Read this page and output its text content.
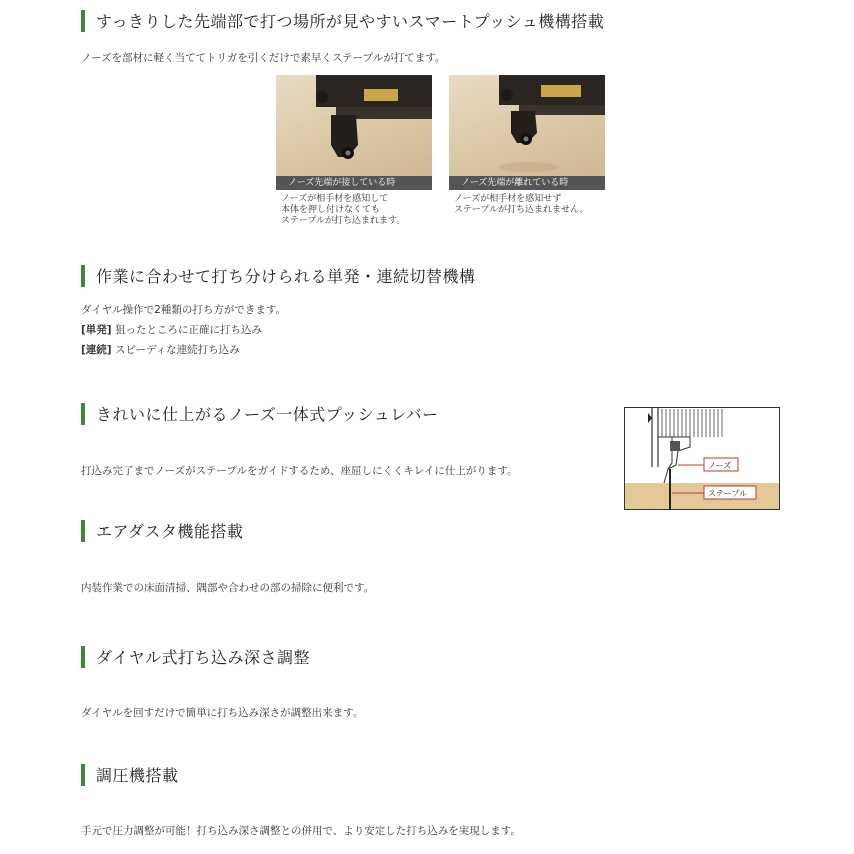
すっきりした先端部で打つ場所が見やすいスマートプッシュ機構搭載
ノーズを部材に軽く当ててトリガを引くだけで素早くステープルが打てます。
ノーズ先端が接している時
ノーズが相手材を感知して
本体を押し付けなくても
ステープルが打ち込まれます。
ノーズ先端が離れている時
ノーズが相手材を感知せず
ステープルが打ち込まれません。
作業に合わせて打ち分けられる単発・連続切替機構
ダイヤル操作で2種類の打ち方ができます。
[単発] 狙ったところに正確に打ち込み
[連続] スピーディな連続打ち込み
きれいに仕上がるノーズ一体式プッシュレバー
打込み完了までノーズがステープルをガイドするため、座屈しにくくキレイに仕上がります。	ノーズ
ステープル
エアダスタ機能搭載
内装作業での床面清掃、隅部や合わせの部の掃除に便利です。
ダイヤル式打ち込み深さ調整
ダイヤルを回すだけで簡単に打ち込み深さが調整出来ます。
調圧機搭載
手元で圧力調整が可能！打ち込み深さ調整との併用で、より安定した打ち込みを実現します。
